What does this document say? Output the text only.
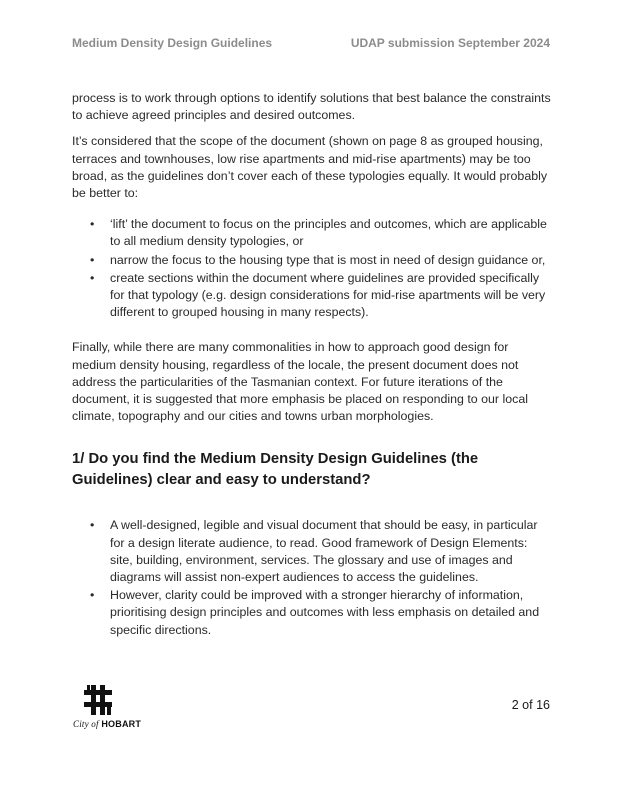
Medium Density Design Guidelines	UDAP submission September 2024

process is to work through options to identify solutions that best balance the constraints to achieve agreed principles and desired outcomes.

It’s considered that the scope of the document (shown on page 8 as grouped housing, terraces and townhouses, low rise apartments and mid-rise apartments) may be too broad, as the guidelines don’t cover each of these typologies equally. It would probably be better to:

• ‘lift’ the document to focus on the principles and outcomes, which are applicable to all medium density typologies, or
• narrow the focus to the housing type that is most in need of design guidance or,
• create sections within the document where guidelines are provided specifically for that typology (e.g. design considerations for mid-rise apartments will be very different to grouped housing in many respects).

Finally, while there are many commonalities in how to approach good design for medium density housing, regardless of the locale, the present document does not address the particularities of the Tasmanian context. For future iterations of the document, it is suggested that more emphasis be placed on responding to our local climate, topography and our cities and towns urban morphologies.

1/ Do you find the Medium Density Design Guidelines (the Guidelines) clear and easy to understand?
• A well-designed, legible and visual document that should be easy, in particular for a design literate audience, to read. Good framework of Design Elements: site, building, environment, services. The glossary and use of images and diagrams will assist non-expert audiences to access the guidelines.
• However, clarity could be improved with a stronger hierarchy of information, prioritising design principles and outcomes with less emphasis on detailed and specific directions.
City of HOBART
2 of 16
